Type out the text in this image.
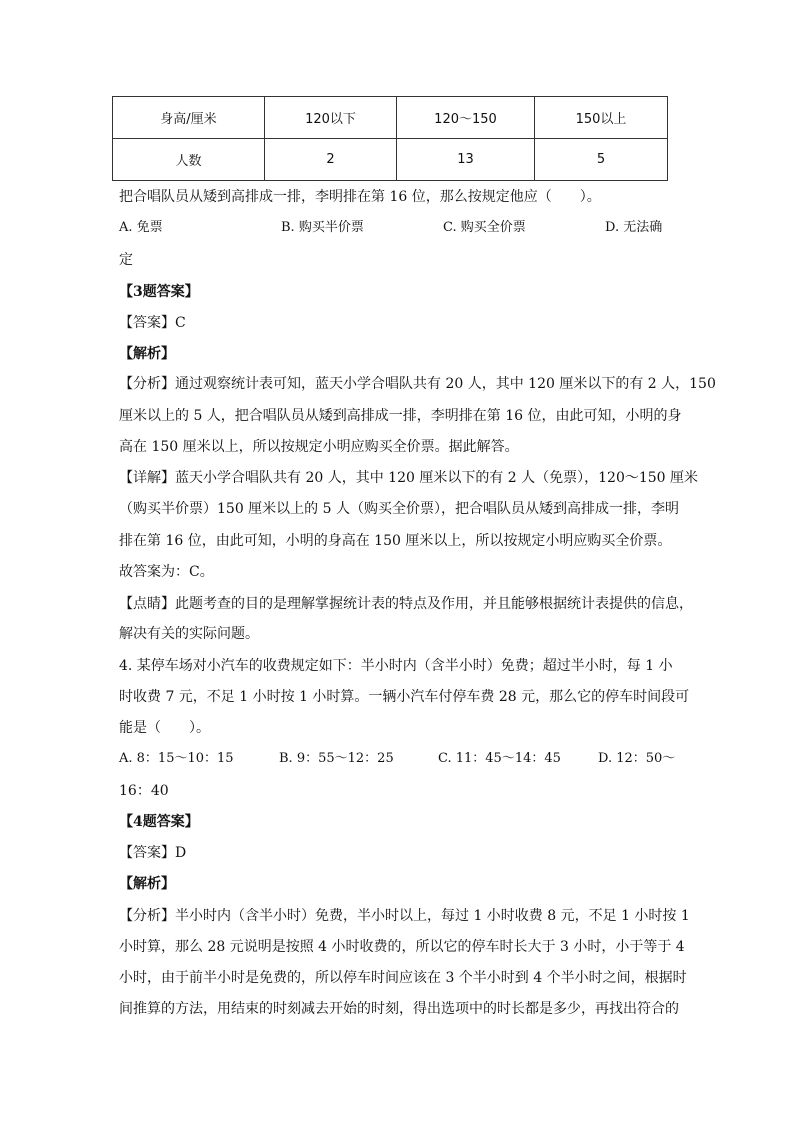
身高/厘米	120以下	120～150	150以上
人数	2	13	5
把合唱队员从矮到高排成一排，李明排在第 16 位，那么按规定他应（　　）。
A. 免票	B. 购买半价票	C. 购买全价票	D. 无法确
定
【3题答案】
【答案】C
【解析】
【分析】通过观察统计表可知，蓝天小学合唱队共有 20 人，其中 120 厘米以下的有 2 人，150
厘米以上的 5 人，把合唱队员从矮到高排成一排，李明排在第 16 位，由此可知，小明的身
高在 150 厘米以上，所以按规定小明应购买全价票。据此解答。
【详解】蓝天小学合唱队共有 20 人，其中 120 厘米以下的有 2 人（免票），120～150 厘米
（购买半价票）150 厘米以上的 5 人（购买全价票），把合唱队员从矮到高排成一排，李明
排在第 16 位，由此可知，小明的身高在 150 厘米以上，所以按规定小明应购买全价票。
故答案为：C。
【点睛】此题考查的目的是理解掌握统计表的特点及作用，并且能够根据统计表提供的信息，
解决有关的实际问题。
4. 某停车场对小汽车的收费规定如下：半小时内（含半小时）免费；超过半小时，每 1 小
时收费 7 元，不足 1 小时按 1 小时算。一辆小汽车付停车费 28 元，那么它的停车时间段可
能是（　　）。
A. 8：15～10：15	B. 9：55～12：25	C. 11：45～14：45	D. 12：50～
16：40
【4题答案】
【答案】D
【解析】
【分析】半小时内（含半小时）免费，半小时以上，每过 1 小时收费 8 元，不足 1 小时按 1
小时算，那么 28 元说明是按照 4 小时收费的，所以它的停车时长大于 3 小时，小于等于 4
小时，由于前半小时是免费的，所以停车时间应该在 3 个半小时到 4 个半小时之间，根据时
间推算的方法，用结束的时刻减去开始的时刻，得出选项中的时长都是多少，再找出符合的
